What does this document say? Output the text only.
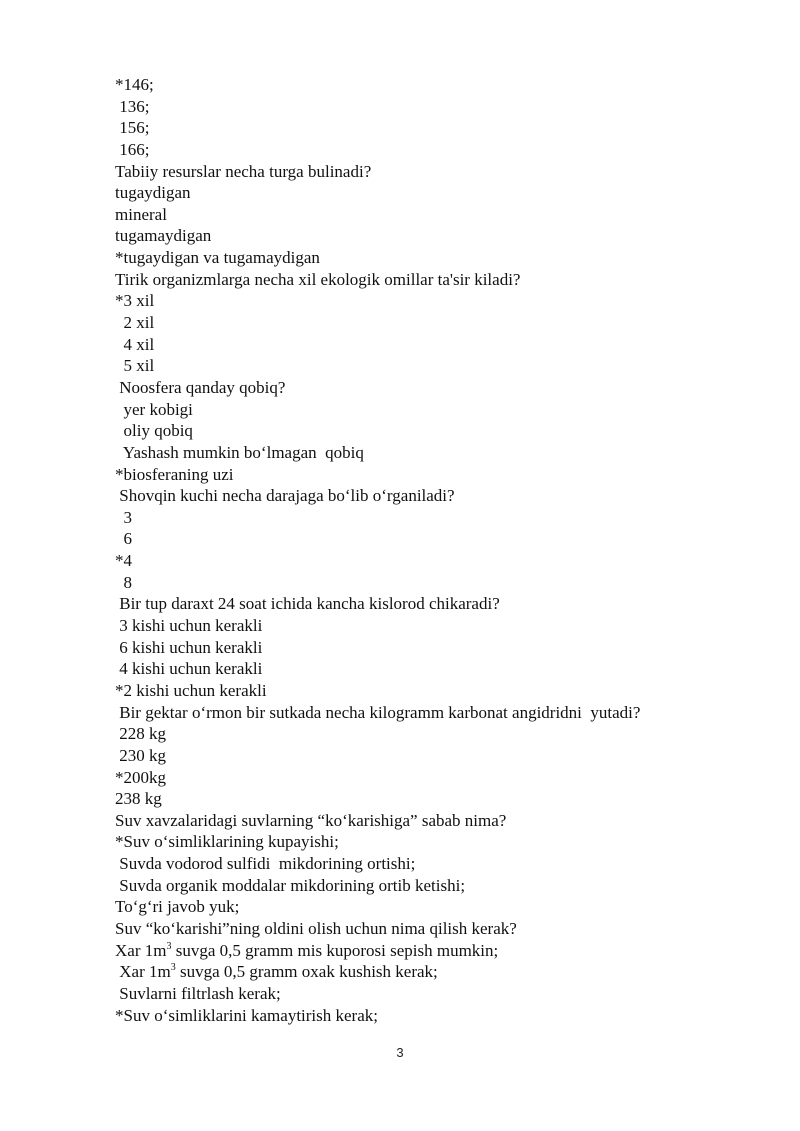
*146;
136;
156;
166;
Tabiiy resurslar necha turga bulinadi?
tugaydigan
mineral
tugamaydigan
*tugaydigan va tugamaydigan
Tirik organizmlarga necha xil ekologik omillar ta'sir kiladi?
*3 xil
2 xil
4 xil
5 xil
Noosfera qanday qobiq?
yer kobigi
oliy qobiq
Yashash mumkin bo‘lmagan  qobiq
*biosferaning uzi
Shovqin kuchi necha darajaga bo‘lib o‘rganiladi?
3
6
*4
8
Bir tup daraxt 24 soat ichida kancha kislorod chikaradi?
3 kishi uchun kerakli
6 kishi uchun kerakli
4 kishi uchun kerakli
*2 kishi uchun kerakli
Bir gektar o‘rmon bir sutkada necha kilogramm karbonat angidridni  yutadi?
228 kg
230 kg
*200kg
238 kg
Suv xavzalaridagi suvlarning “ko‘karishiga” sabab nima?
*Suv o‘simliklarining kupayishi;
Suvda vodorod sulfidi  mikdorining ortishi;
Suvda organik moddalar mikdorining ortib ketishi;
To‘g‘ri javob yuk;
Suv “ko‘karishi”ning oldini olish uchun nima qilish kerak?
Xar $1m^3$ suvga 0,5 gramm mis kuporosi sepish mumkin;
Xar $1m^3$ suvga 0,5 gramm oxak kushish kerak;
Suvlarni filtrlash kerak;
*Suv o‘simliklarini kamaytirish kerak;
3
